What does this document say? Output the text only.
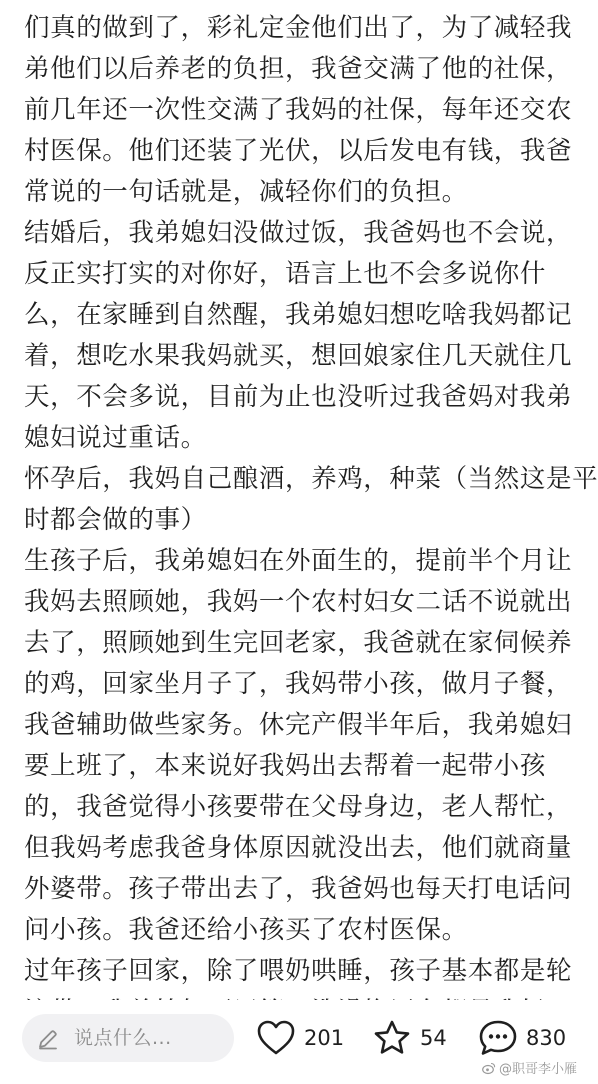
们真的做到了，彩礼定金他们出了，为了减轻我
弟他们以后养老的负担，我爸交满了他的社保，
前几年还一次性交满了我妈的社保，每年还交农
村医保。他们还装了光伏，以后发电有钱，我爸
常说的一句话就是，减轻你们的负担。
结婚后，我弟媳妇没做过饭，我爸妈也不会说，
反正实打实的对你好，语言上也不会多说你什
么，在家睡到自然醒，我弟媳妇想吃啥我妈都记
着，想吃水果我妈就买，想回娘家住几天就住几
天，不会多说，目前为止也没听过我爸妈对我弟
媳妇说过重话。
怀孕后，我妈自己酿酒，养鸡，种菜（当然这是平
时都会做的事）
生孩子后，我弟媳妇在外面生的，提前半个月让
我妈去照顾她，我妈一个农村妇女二话不说就出
去了，照顾她到生完回老家，我爸就在家伺候养
的鸡，回家坐月子了，我妈带小孩，做月子餐，
我爸辅助做些家务。休完产假半年后，我弟媳妇
要上班了，本来说好我妈出去帮着一起带小孩
的，我爸觉得小孩要带在父母身边，老人帮忙，
但我妈考虑我爸身体原因就没出去，他们就商量
外婆带。孩子带出去了，我爸妈也每天打电话问
问小孩。我爸还给小孩买了农村医保。
过年孩子回家，除了喂奶哄睡，孩子基本都是轮
说点什么...	201	54	830
@职哥李小雁
